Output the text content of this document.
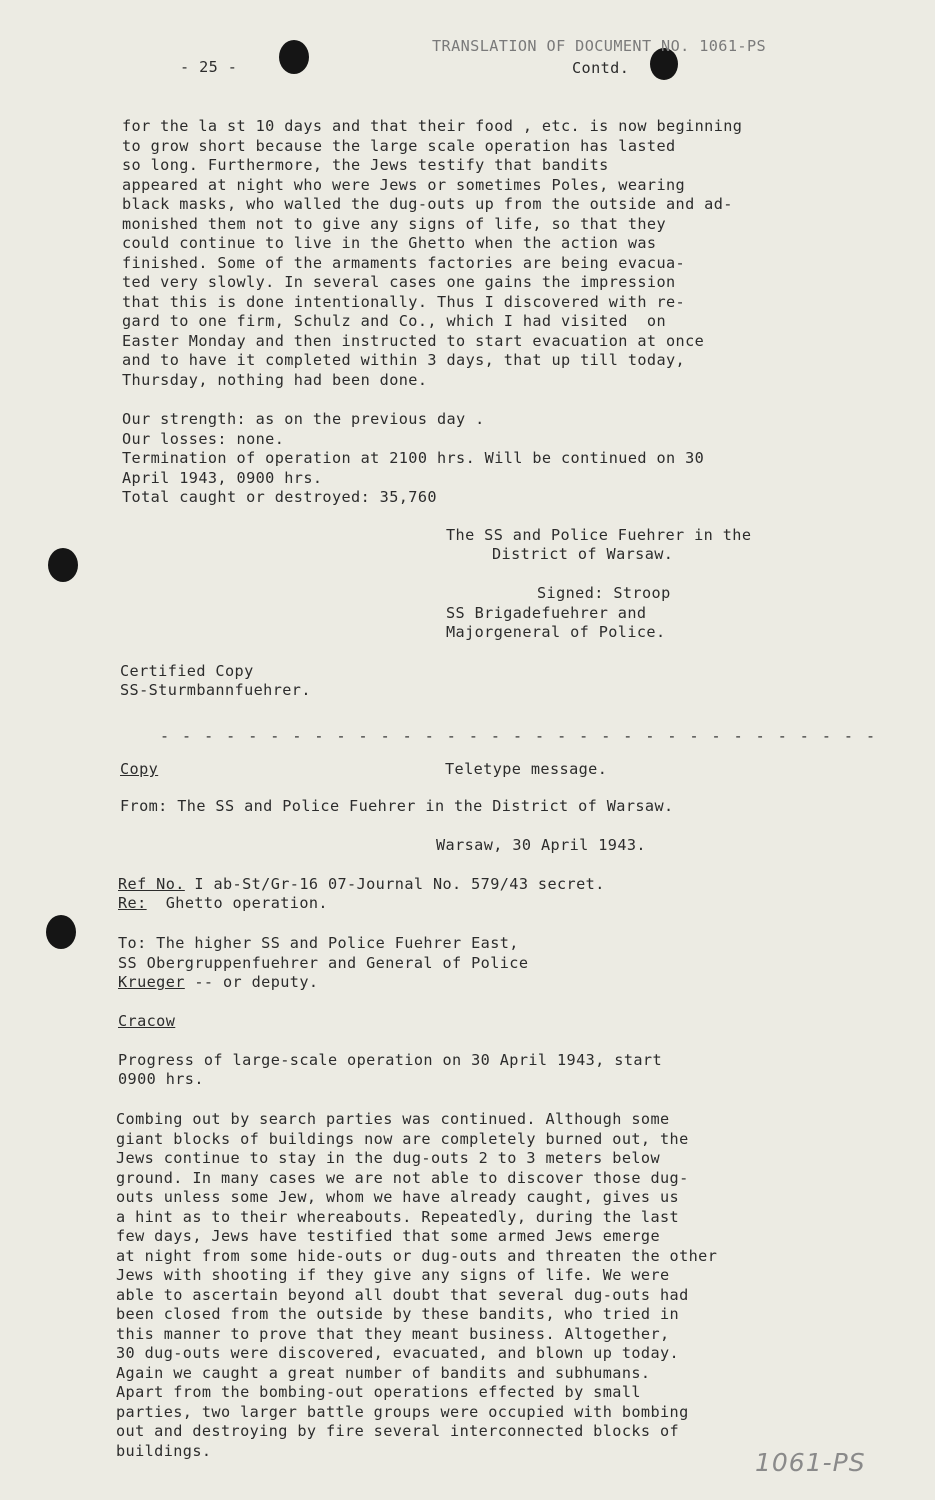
- 25 -
TRANSLATION OF DOCUMENT NO. 1061-PS
Contd.
for the la st 10 days and that their food , etc. is now beginning
to grow short because the large scale operation has lasted
so long. Furthermore, the Jews testify that bandits
appeared at night who were Jews or sometimes Poles, wearing
black masks, who walled the dug-outs up from the outside and ad-
monished them not to give any signs of life, so that they
could continue to live in the Ghetto when the action was
finished. Some of the armaments factories are being evacua-
ted very slowly. In several cases one gains the impression
that this is done intentionally. Thus I discovered with re-
gard to one firm, Schulz and Co., which I had visited  on
Easter Monday and then instructed to start evacuation at once
and to have it completed within 3 days, that up till today,
Thursday, nothing had been done.
Our strength: as on the previous day .
Our losses: none.
Termination of operation at 2100 hrs. Will be continued on 30
April 1943, 0900 hrs.
Total caught or destroyed: 35,760
The SS and Police Fuehrer in the
District of Warsaw.
Signed: Stroop
SS Brigadefuehrer and
Majorgeneral of Police.
Certified Copy
SS-Sturmbannfuehrer.
- - - - - - - - - - - - - - - - - - - - - - - - - - - - - - - - -
Copy	Teletype message.
From: The SS and Police Fuehrer in the District of Warsaw.
Warsaw, 30 April 1943.
Ref No. I ab-St/Gr-16 07-Journal No. 579/43 secret.
Re:  Ghetto operation.
To: The higher SS and Police Fuehrer East,
SS Obergruppenfuehrer and General of Police
Krueger -- or deputy.
Cracow
Progress of large-scale operation on 30 April 1943, start
0900 hrs.
Combing out by search parties was continued. Although some
giant blocks of buildings now are completely burned out, the
Jews continue to stay in the dug-outs 2 to 3 meters below
ground. In many cases we are not able to discover those dug-
outs unless some Jew, whom we have already caught, gives us
a hint as to their whereabouts. Repeatedly, during the last
few days, Jews have testified that some armed Jews emerge
at night from some hide-outs or dug-outs and threaten the other
Jews with shooting if they give any signs of life. We were
able to ascertain beyond all doubt that several dug-outs had
been closed from the outside by these bandits, who tried in
this manner to prove that they meant business. Altogether,
30 dug-outs were discovered, evacuated, and blown up today.
Again we caught a great number of bandits and subhumans.
Apart from the bombing-out operations effected by small
parties, two larger battle groups were occupied with bombing
out and destroying by fire several interconnected blocks of
buildings.	1061-PS
